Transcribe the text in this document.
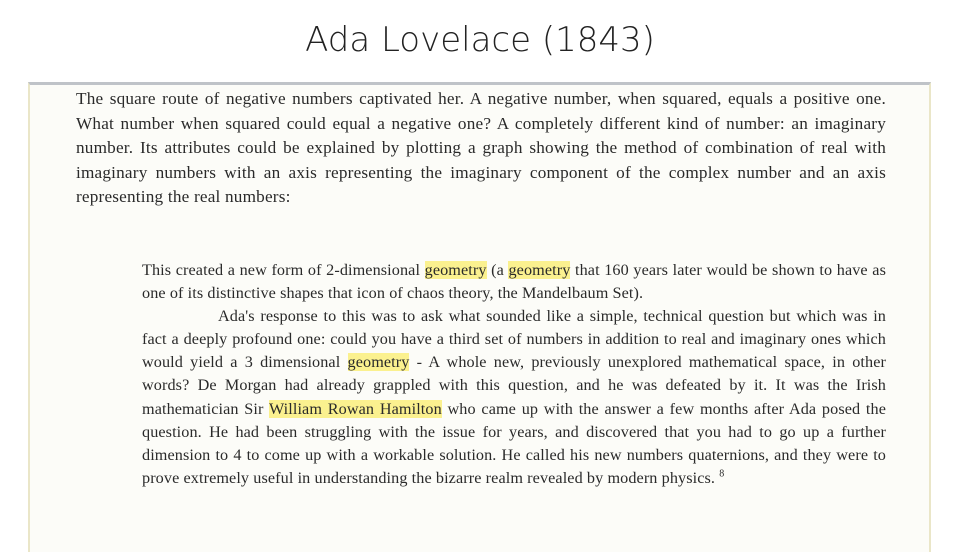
Ada Lovelace (1843)
The square route of negative numbers captivated her. A negative number, when squared, equals a positive one. What number when squared could equal a negative one? A completely different kind of number: an imaginary number. Its attributes could be explained by plotting a graph showing the method of combination of real with imaginary numbers with an axis representing the imaginary component of the complex number and an axis representing the real numbers:

This created a new form of 2-dimensional geometry (a geometry that 160 years later would be shown to have as one of its distinctive shapes that icon of chaos theory, the Mandelbaum Set).

Ada's response to this was to ask what sounded like a simple, technical question but which was in fact a deeply profound one: could you have a third set of numbers in addition to real and imaginary ones which would yield a 3 dimensional geometry - A whole new, previously unexplored mathematical space, in other words? De Morgan had already grappled with this question, and he was defeated by it. It was the Irish mathematician Sir William Rowan Hamilton who came up with the answer a few months after Ada posed the question. He had been struggling with the issue for years, and discovered that you had to go up a further dimension to 4 to come up with a workable solution. He called his new numbers quaternions, and they were to prove extremely useful in understanding the bizarre realm revealed by modern physics. $^8$
